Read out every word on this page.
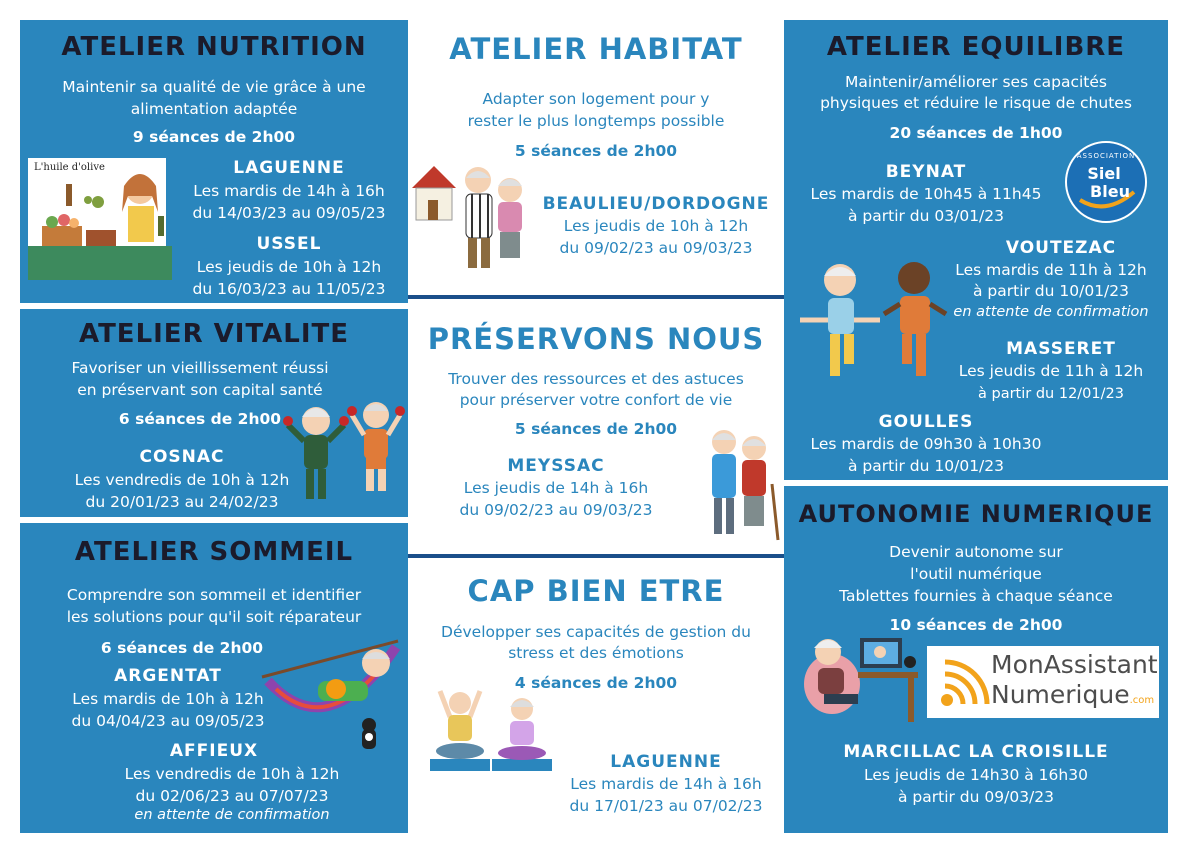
ATELIER NUTRITION
Maintenir sa qualité de vie grâce à une
alimentation adaptée
9 séances de 2h00
L'huile d'olive	LAGUENNE
Les mardis de 14h à 16h
du 14/03/23 au 09/05/23
USSEL
Les jeudis de 10h à 12h
du 16/03/23 au 11/05/23
ATELIER VITALITE
Favoriser un vieillissement réussi
en préservant son capital santé
6 séances de 2h00
COSNAC
Les vendredis de 10h à 12h
du 20/01/23 au 24/02/23
ATELIER SOMMEIL
Comprendre son sommeil et identifier
les solutions pour qu'il soit réparateur
6 séances de 2h00
ARGENTAT
Les mardis de 10h à 12h
du 04/04/23 au 09/05/23
AFFIEUX
Les vendredis de 10h à 12h
du 02/06/23 au 07/07/23
en attente de confirmation
ATELIER HABITAT
Adapter son logement pour y
rester le plus longtemps possible
5 séances de 2h00
BEAULIEU/DORDOGNE
Les jeudis de 10h à 12h
du 09/02/23 au 09/03/23
PRÉSERVONS NOUS
Trouver des ressources et des astuces
pour préserver votre confort de vie
5 séances de 2h00
MEYSSAC
Les jeudis de 14h à 16h
du 09/02/23 au 09/03/23
CAP BIEN ETRE
Développer ses capacités de gestion du
stress et des émotions
4 séances de 2h00
LAGUENNE
Les mardis de 14h à 16h
du 17/01/23 au 07/02/23
ATELIER EQUILIBRE
Maintenir/améliorer ses capacités
physiques et réduire le risque de chutes
20 séances de 1h00
ASSOCIATION
Siel
Bleu
BEYNAT
Les mardis de 10h45 à 11h45
à partir du 03/01/23
VOUTEZAC
Les mardis de 11h à 12h
à partir du 10/01/23
en attente de confirmation
MASSERET
Les jeudis de 11h à 12h
à partir du 12/01/23
GOULLES
Les mardis de 09h30 à 10h30
à partir du 10/01/23
AUTONOMIE NUMERIQUE
Devenir autonome sur
l'outil numérique
Tablettes fournies à chaque séance
10 séances de 2h00
MonAssistant
Numerique.com
MARCILLAC LA CROISILLE
Les jeudis de 14h30 à 16h30
à partir du 09/03/23
